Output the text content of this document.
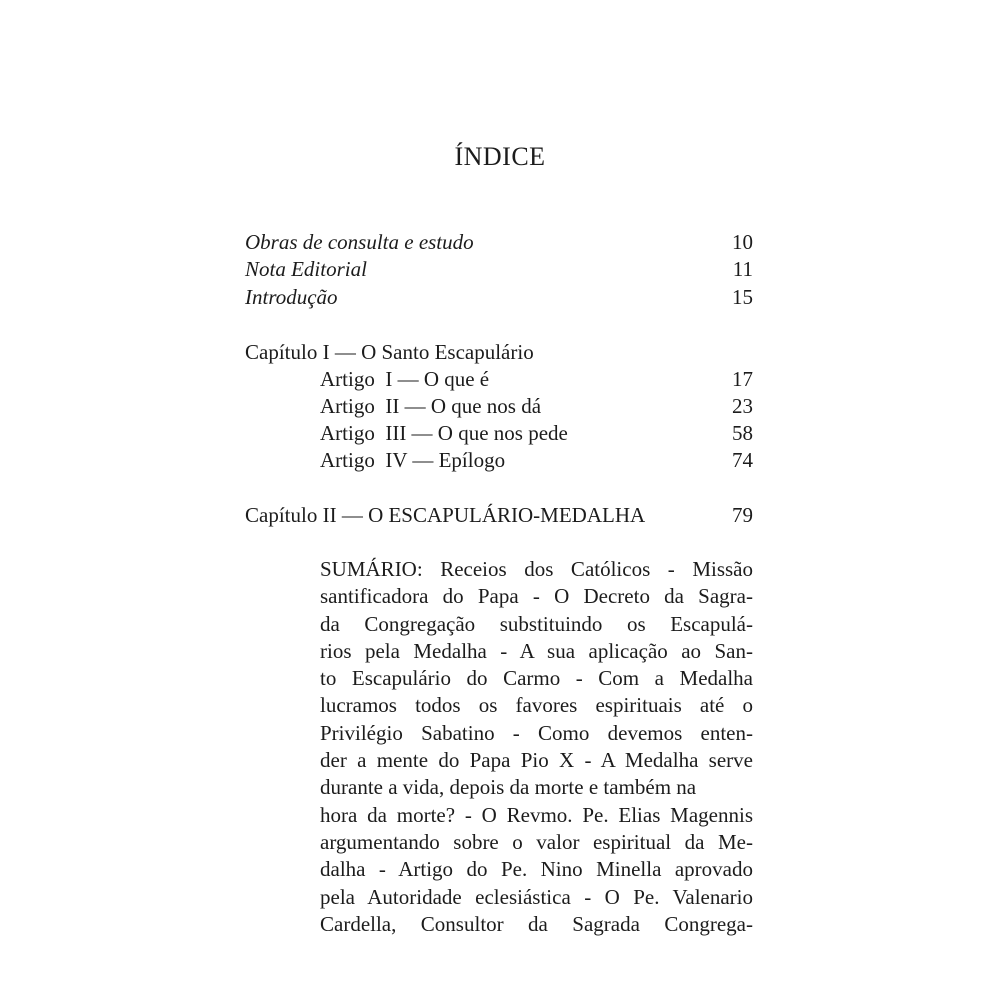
ÍNDICE
Obras de consulta e estudo	10
Nota Editorial	11
Introdução	15
Capítulo I — O Santo Escapulário
Artigo  I — O que é	17
Artigo  II — O que nos dá	23
Artigo  III — O que nos pede	58
Artigo  IV — Epílogo	74
Capítulo II — O ESCAPULÁRIO-MEDALHA	79
SUMÁRIO: Receios dos Católicos - Missão
santificadora do Papa - O Decreto da Sagra-
da Congregação substituindo os Escapulá-
rios pela Medalha - A sua aplicação ao San-
to Escapulário do Carmo - Com a Medalha
lucramos todos os favores espirituais até o
Privilégio Sabatino - Como devemos enten-
der a mente do Papa Pio X - A Medalha serve
durante a vida, depois da morte e também na
hora da morte? - O Revmo. Pe. Elias Magennis
argumentando sobre o valor espiritual da Me-
dalha - Artigo do Pe. Nino Minella aprovado
pela Autoridade eclesiástica - O Pe. Valenario
Cardella, Consultor da Sagrada Congrega-
